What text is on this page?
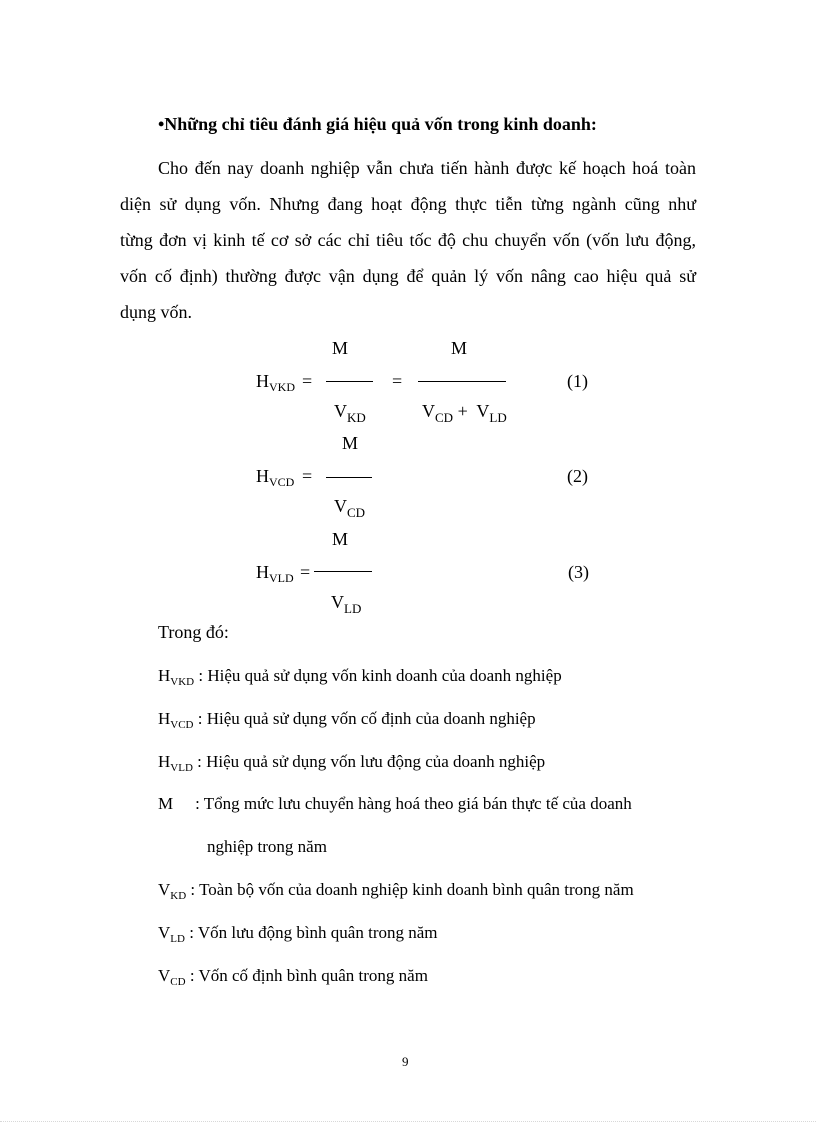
•Những chỉ tiêu đánh giá hiệu quả vốn trong kinh doanh:
Cho đến nay doanh nghiệp vẫn chưa tiến hành được kế hoạch hoá toàn
diện sử dụng vốn. Nhưng đang hoạt động thực tiễn từng ngành cũng như
từng đơn vị kinh tế cơ sở các chỉ tiêu tốc độ chu chuyển vốn (vốn lưu động,
vốn cố định) thường được vận dụng để quản lý vốn nâng cao hiệu quả sử
dụng vốn.
M	M
$H_{VKD}$ =	=	(1)
$V_{KD}$	$V_{CD} + V_{LD}$
M
$H_{VCD}$ =	(2)
$V_{CD}$
M
$H_{VLD}$ =	(3)
$V_{LD}$
Trong đó:
$H_{VKD}$ : Hiệu quả sử dụng vốn kinh doanh của doanh nghiệp
$H_{VCD}$ : Hiệu quả sử dụng vốn cố định của doanh nghiệp
$H_{VLD}$ : Hiệu quả sử dụng vốn lưu động của doanh nghiệp
M : Tổng mức lưu chuyển hàng hoá theo giá bán thực tế của doanh
nghiệp trong năm
$V_{KD}$ : Toàn bộ vốn của doanh nghiệp kinh doanh bình quân trong năm
$V_{LD}$ : Vốn lưu động bình quân trong năm
$V_{CD}$ : Vốn cố định bình quân trong năm
9
